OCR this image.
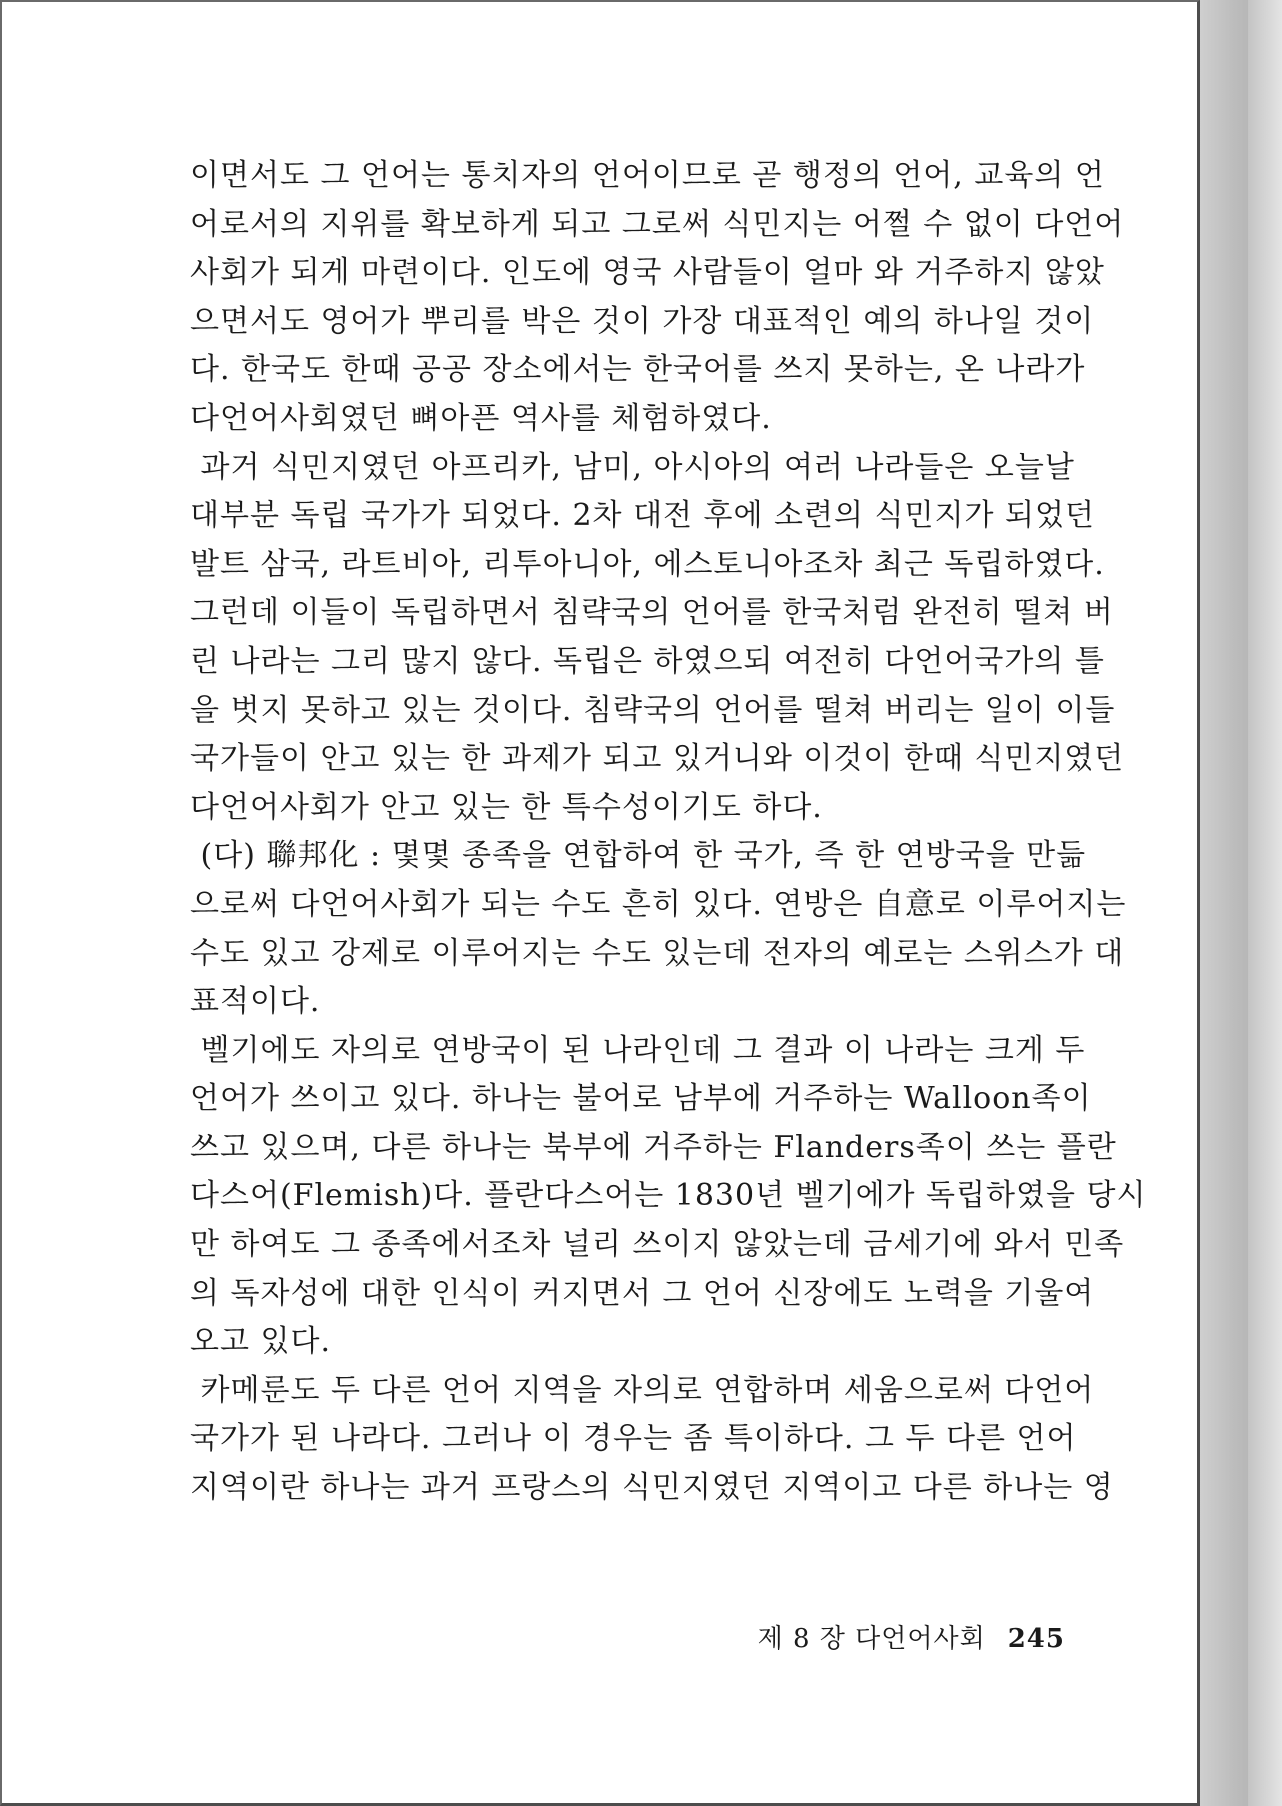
이면서도 그 언어는 통치자의 언어이므로 곧 행정의 언어, 교육의 언
어로서의 지위를 확보하게 되고 그로써 식민지는 어쩔 수 없이 다언어
사회가 되게 마련이다. 인도에 영국 사람들이 얼마 와 거주하지 않았
으면서도 영어가 뿌리를 박은 것이 가장 대표적인 예의 하나일 것이
다. 한국도 한때 공공 장소에서는 한국어를 쓰지 못하는, 온 나라가
다언어사회였던 뼈아픈 역사를 체험하였다.

과거 식민지였던 아프리카, 남미, 아시아의 여러 나라들은 오늘날
대부분 독립 국가가 되었다. 2차 대전 후에 소련의 식민지가 되었던
발트 삼국, 라트비아, 리투아니아, 에스토니아조차 최근 독립하였다.
그런데 이들이 독립하면서 침략국의 언어를 한국처럼 완전히 떨쳐 버
린 나라는 그리 많지 않다. 독립은 하였으되 여전히 다언어국가의 틀
을 벗지 못하고 있는 것이다. 침략국의 언어를 떨쳐 버리는 일이 이들
국가들이 안고 있는 한 과제가 되고 있거니와 이것이 한때 식민지였던
다언어사회가 안고 있는 한 특수성이기도 하다.

(다) 聯邦化 : 몇몇 종족을 연합하여 한 국가, 즉 한 연방국을 만듦
으로써 다언어사회가 되는 수도 흔히 있다. 연방은 自意로 이루어지는
수도 있고 강제로 이루어지는 수도 있는데 전자의 예로는 스위스가 대
표적이다.

벨기에도 자의로 연방국이 된 나라인데 그 결과 이 나라는 크게 두
언어가 쓰이고 있다. 하나는 불어로 남부에 거주하는 Walloon족이
쓰고 있으며, 다른 하나는 북부에 거주하는 Flanders족이 쓰는 플란
다스어(Flemish)다. 플란다스어는 1830년 벨기에가 독립하였을 당시
만 하여도 그 종족에서조차 널리 쓰이지 않았는데 금세기에 와서 민족
의 독자성에 대한 인식이 커지면서 그 언어 신장에도 노력을 기울여
오고 있다.

카메룬도 두 다른 언어 지역을 자의로 연합하며 세움으로써 다언어
국가가 된 나라다. 그러나 이 경우는 좀 특이하다. 그 두 다른 언어
지역이란 하나는 과거 프랑스의 식민지였던 지역이고 다른 하나는 영

제 8 장 다언어사회 245
